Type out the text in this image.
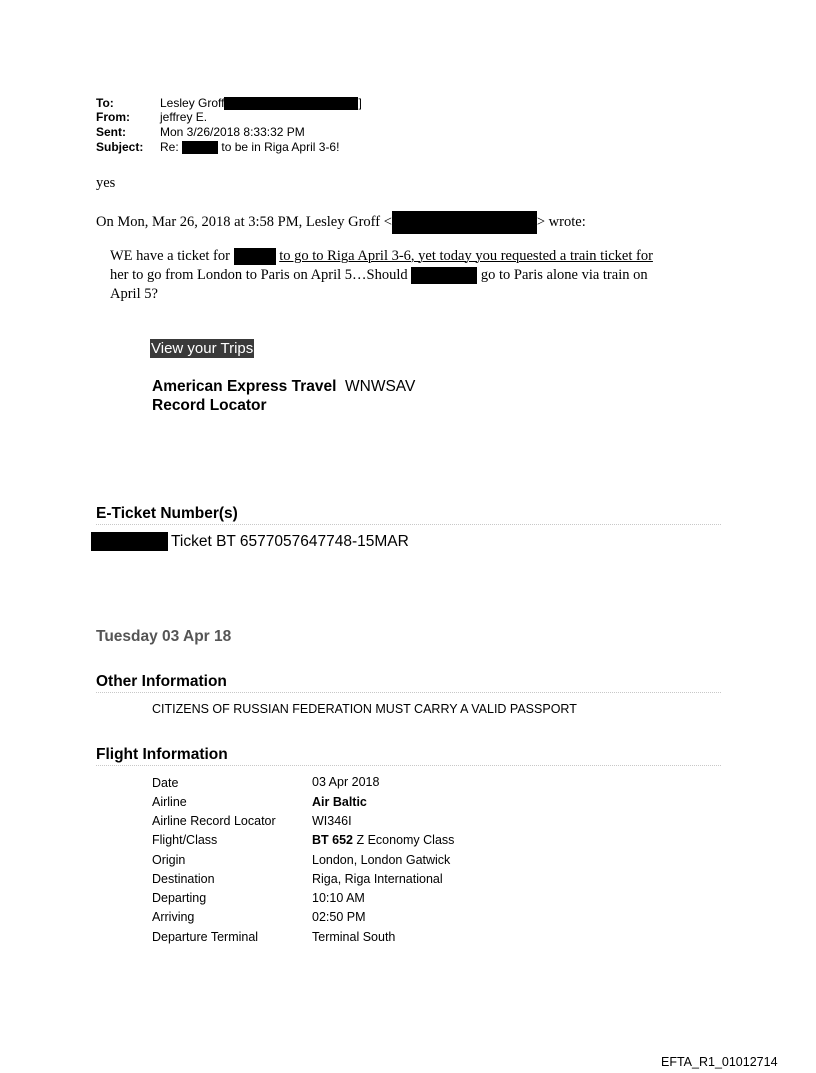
To:	Lesley Groff	]
From:	jeffrey E.
Sent:	Mon 3/26/2018 8:33:32 PM
Subject: Re:	to be in Riga April 3-6!
yes
On Mon, Mar 26, 2018 at 3:58 PM, Lesley Groff <	> wrote:
WE have a ticket for	to go to Riga April 3-6, yet today you requested a train ticket for
her to go from London to Paris on April 5…Should	go to Paris alone via train on
April 5?
View your Trips
American Express Travel WNWSAV
Record Locator
E-Ticket Number(s)
Ticket BT 6577057647748-15MAR
Tuesday 03 Apr 18
Other Information
CITIZENS OF RUSSIAN FEDERATION MUST CARRY A VALID PASSPORT
Flight Information
Date	03 Apr 2018
Airline	Air Baltic
Airline Record Locator	WI346I
Flight/Class	BT 652 Z Economy Class
Origin	London, London Gatwick
Destination	Riga, Riga International
Departing	10:10 AM
Arriving	02:50 PM
Departure Terminal	Terminal South
EFTA_R1_01012714
